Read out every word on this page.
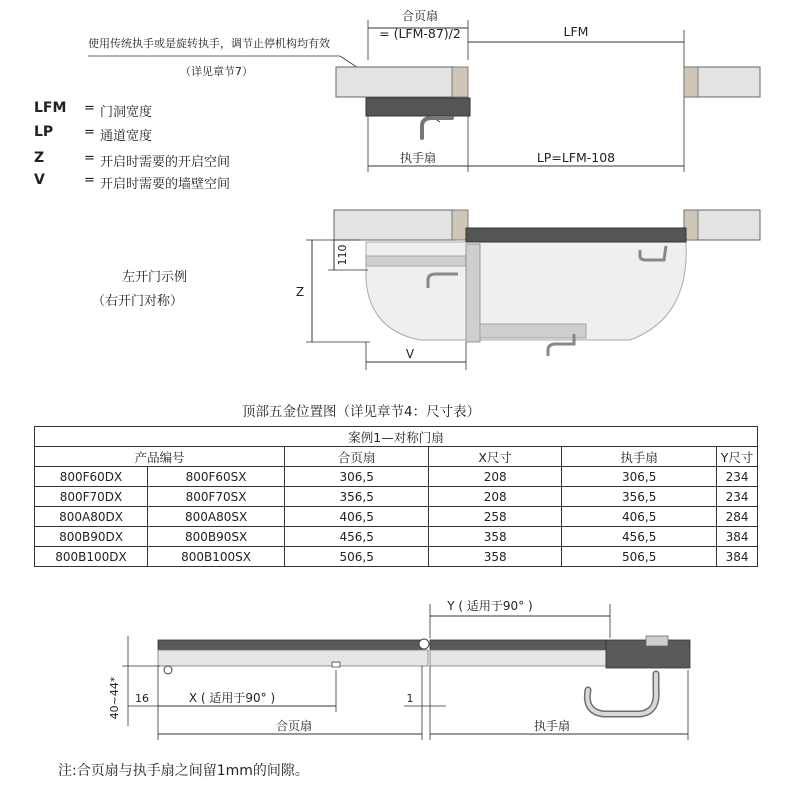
合页扇
= (LFM-87)/2	LFM
使用传统执手或是旋转执手，调节止停机构均有效
（详见章节7）
执手扇	LP=LFM-108
LFM = 门洞宽度
LP = 通道宽度
Z	= 开启时需要的开启空间
V	= 开启时需要的墙壁空间
Z
110
V
左开门示例
（右开门对称）
顶部五金位置图（详见章节4：尺寸表）
案例1—对称门扇					
产品编号		合页扇	X尺寸	执手扇	Y尺寸
800F60DX	800F60SX	306,5	208	306,5	234
800F70DX	800F70SX	356,5	208	356,5	234
800A80DX	800A80SX	406,5	258	406,5	284
800B90DX	800B90SX	456,5	358	456,5	384
800B100DX	800B100SX	506,5	358	506,5	384
Y ( 适用于90° )
40~44* 16	X ( 适用于90° )	1
合页扇	执手扇
注:合页扇与执手扇之间留1mm的间隙。
